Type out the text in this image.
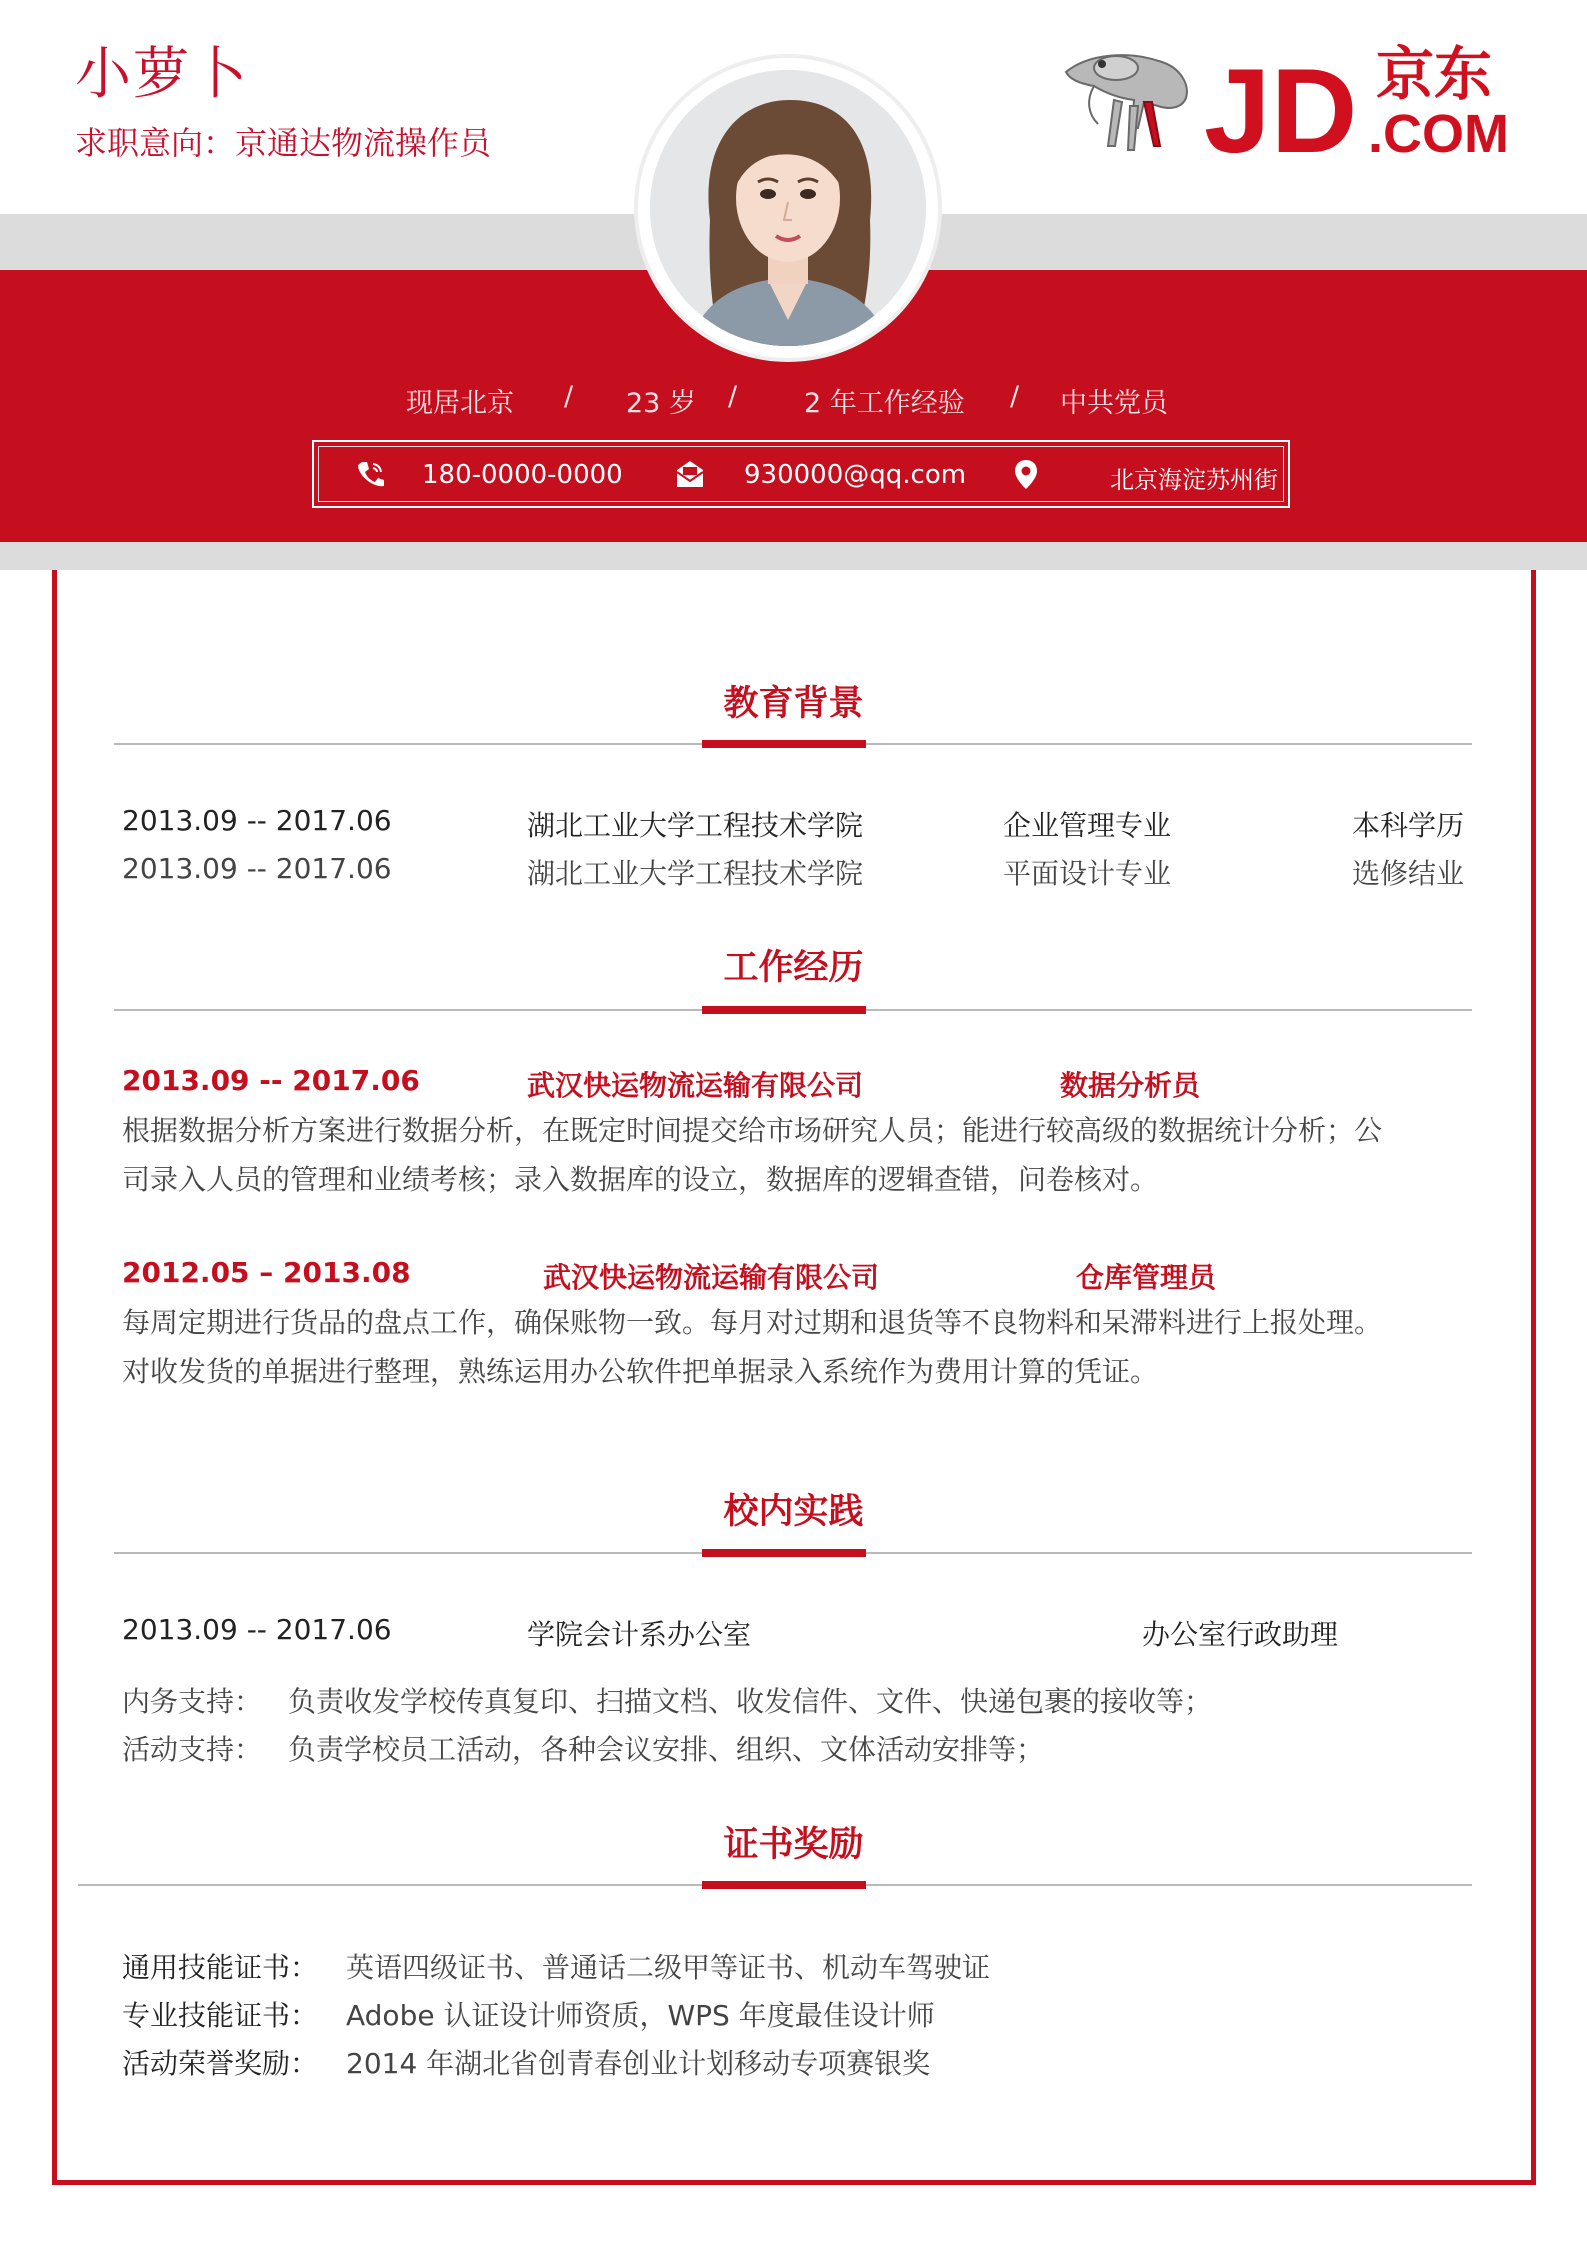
小萝卜
求职意向：京通达物流操作员	JD 京东
.COM
现居北京 / 23 岁 / 2 年工作经验 / 中共党员
180-0000-0000	930000@qq.com	北京海淀苏州街
教育背景
2013.09 -- 2017.06	湖北工业大学工程技术学院	企业管理专业	本科学历
2013.09 -- 2017.06	湖北工业大学工程技术学院	平面设计专业	选修结业
工作经历
2013.09 -- 2017.06	武汉快运物流运输有限公司	数据分析员
根据数据分析方案进行数据分析，在既定时间提交给市场研究人员；能进行较高级的数据统计分析；公
司录入人员的管理和业绩考核；录入数据库的设立，数据库的逻辑查错，问卷核对。
2012.05 – 2013.08	武汉快运物流运输有限公司	仓库管理员
每周定期进行货品的盘点工作，确保账物一致。每月对过期和退货等不良物料和呆滞料进行上报处理。
对收发货的单据进行整理，熟练运用办公软件把单据录入系统作为费用计算的凭证。
校内实践
2013.09 -- 2017.06	学院会计系办公室	办公室行政助理
内务支持： 负责收发学校传真复印、扫描文档、收发信件、文件、快递包裹的接收等；
活动支持： 负责学校员工活动，各种会议安排、组织、文体活动安排等；
证书奖励
通用技能证书： 英语四级证书、普通话二级甲等证书、机动车驾驶证
专业技能证书： Adobe 认证设计师资质，WPS 年度最佳设计师
活动荣誉奖励： 2014 年湖北省创青春创业计划移动专项赛银奖
